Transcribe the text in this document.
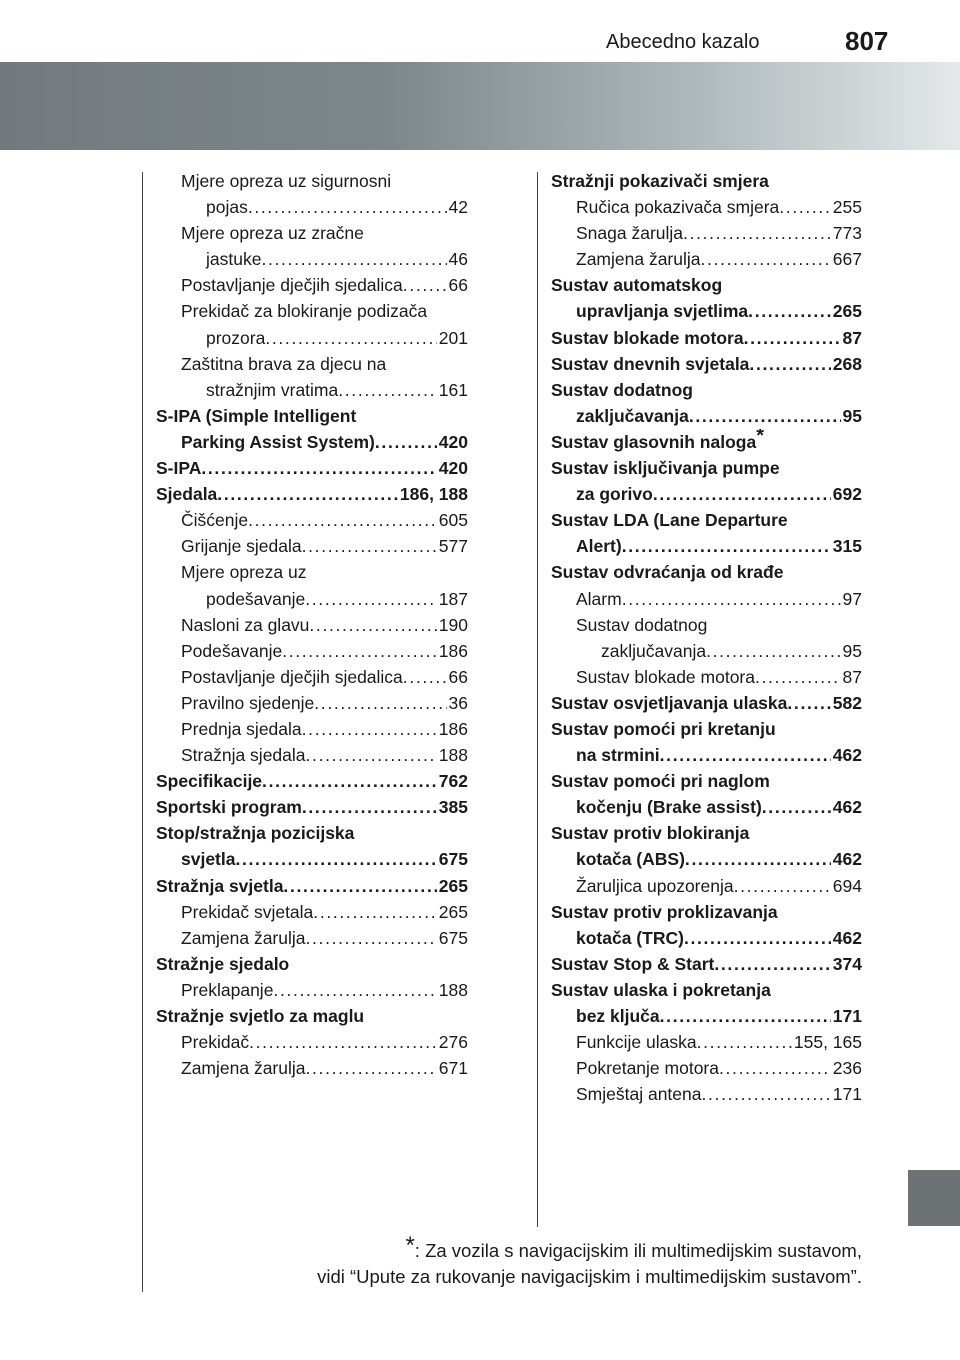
Abecedno kazalo	807
Mjere opreza uz sigurnosni
pojas . . .	42
Mjere opreza uz zračne
jastuke . . .	46
Postavljanje dječjih sjedalica . . .	66
Prekidač za blokiranje podizača
prozora . . .	201
Zaštitna brava za djecu na
stražnjim vratima . . .	161
S-IPA (Simple Intelligent
Parking Assist System) . . .	420
S-IPA . . .	420
Sjedala . . .	186, 188
Čišćenje . . .	605
Grijanje sjedala . . .	577
Mjere opreza uz
podešavanje . . .	187
Nasloni za glavu . . .	190
Podešavanje . . .	186
Postavljanje dječjih sjedalica . . .	66
Pravilno sjedenje . . .	36
Prednja sjedala . . .	186
Stražnja sjedala . . .	188
Specifikacije . . .	762
Sportski program . . .	385
Stop/stražnja pozicijska
svjetla . . .	675
Stražnja svjetla . . .	265
Prekidač svjetala . . .	265
Zamjena žarulja . . .	675
Stražnje sjedalo
Preklapanje . . .	188
Stražnje svjetlo za maglu
Prekidač . . .	276
Zamjena žarulja . . .	671
Stražnji pokazivači smjera
Ručica pokazivača smjera . . .	255
Snaga žarulja . . .	773
Zamjena žarulja . . .	667
Sustav automatskog
upravljanja svjetlima . . .	265
Sustav blokade motora . . .	87
Sustav dnevnih svjetala . . .	268
Sustav dodatnog
zaključavanja . . .	95
Sustav glasovnih naloga*
Sustav isključivanja pumpe
za gorivo . . .	692
Sustav LDA (Lane Departure
Alert) . . .	315
Sustav odvraćanja od krađe
Alarm . . .	97
Sustav dodatnog
zaključavanja . . .	95
Sustav blokade motora . . .	87
Sustav osvjetljavanja ulaska . . .	582
Sustav pomoći pri kretanju
na strmini . . .	462
Sustav pomoći pri naglom
kočenju (Brake assist) . . .	462
Sustav protiv blokiranja
kotača (ABS) . . .	462
Žaruljica upozorenja . . .	694
Sustav protiv proklizavanja
kotača (TRC) . . .	462
Sustav Stop & Start . . .	374
Sustav ulaska i pokretanja
bez ključa . . .	171
Funkcije ulaska . . .	155, 165
Pokretanje motora . . .	236
Smještaj antena . . .	171
*: Za vozila s navigacijskim ili multimedijskim sustavom,
vidi “Upute za rukovanje navigacijskim i multimedijskim sustavom”.
